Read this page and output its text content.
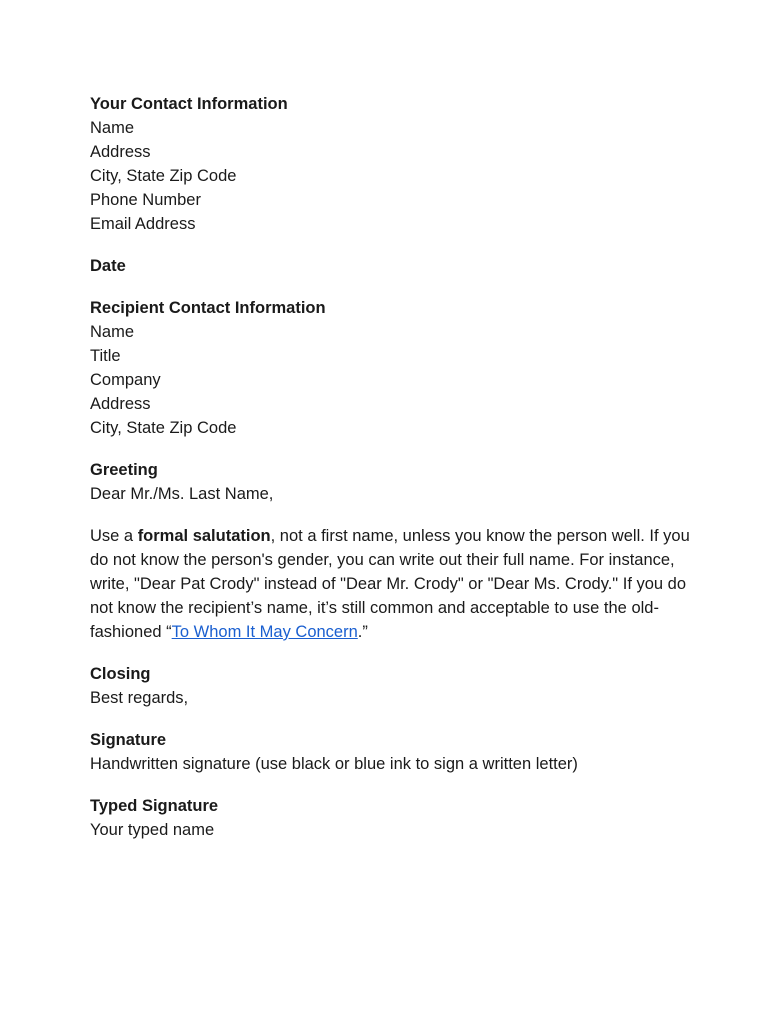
Your Contact Information
Name
Address
City, State Zip Code
Phone Number
Email Address
Date
Recipient Contact Information
Name
Title
Company
Address
City, State Zip Code
Greeting
Dear Mr./Ms. Last Name,
Use a formal salutation, not a first name, unless you know the person well. If you do not know the person's gender, you can write out their full name. For instance, write, "Dear Pat Crody" instead of "Dear Mr. Crody" or "Dear Ms. Crody." If you do not know the recipient’s name, it’s still common and acceptable to use the old-fashioned “To Whom It May Concern.”
Closing
Best regards,
Signature
Handwritten signature (use black or blue ink to sign a written letter)
Typed Signature
Your typed name
